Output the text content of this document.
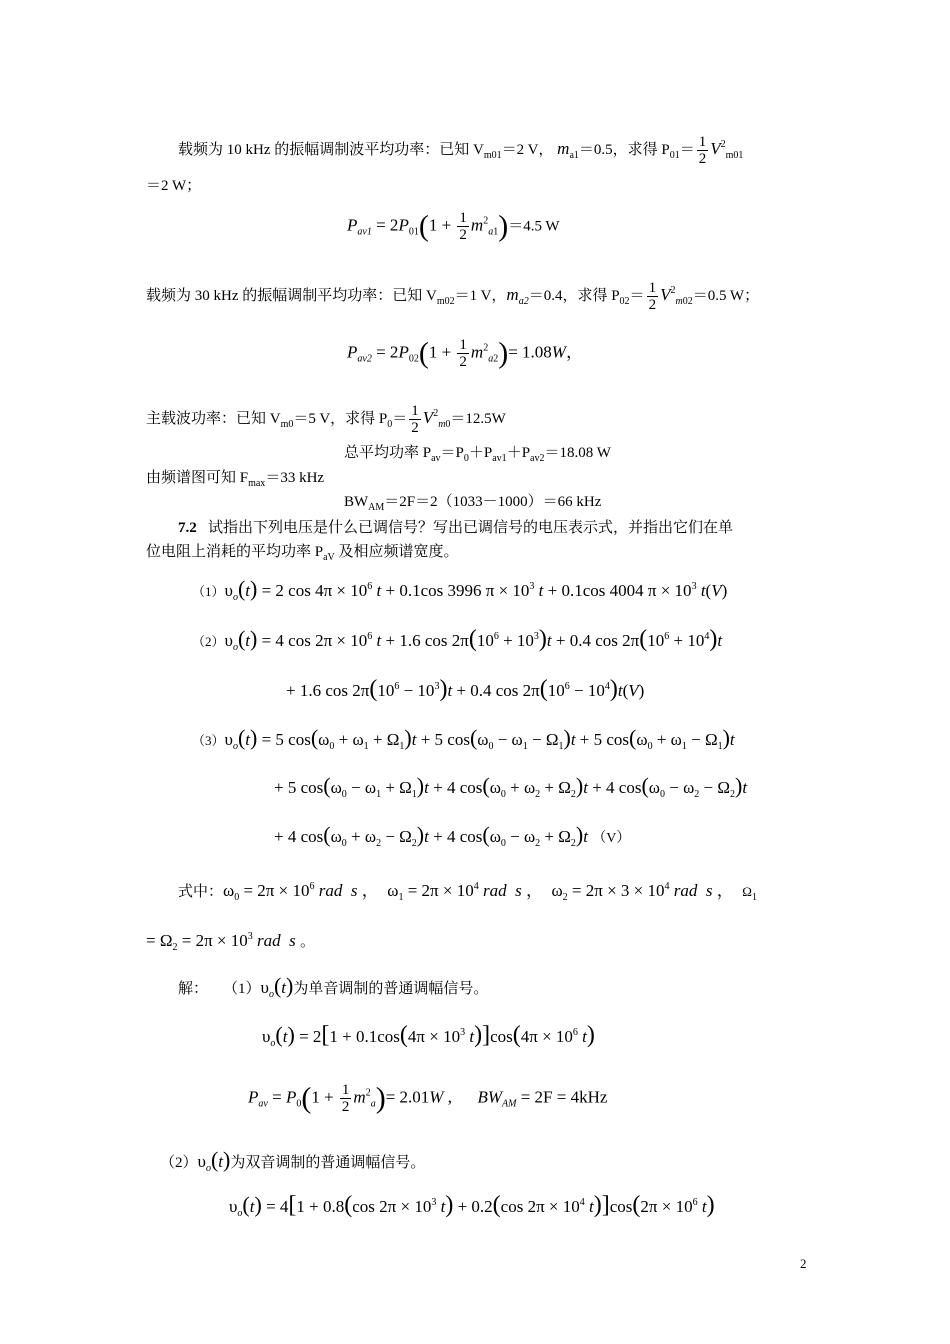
载频为 10 kHz 的振幅调制波平均功率：已知 $V_{m01}=2$ V， $m_{a1}=0.5$，求得 $P_{01}= \frac{1}{2} V^2_{m01}$
＝2 W；
$P_{av1} = 2P_{01}(1 + \frac{1}{2} m^2_{a1})=4.5$ W
载频为 30 kHz 的振幅调制平均功率：已知 $V_{m02}=1$ V，$m_{a2}=0.4$，求得 $P_{02}= \frac{1}{2} V^2_{m02}=0.5$ W；
$P_{av2} = 2P_{02}(1 + \frac{1}{2} m^2_{a2})= 1.08W$，
主载波功率：已知 $V_{m0}=5$ V，求得 $P_0= \frac{1}{2} V^2_{m0}=12.5W$
总平均功率 $P_{av}=P_0+P_{av1}+P_{av2}=18.08$ W
由频谱图可知 $F_{max}=33$ kHz
$BW_{AM}=2F=2(1033-1000)=66$ kHz
7.2 试指出下列电压是什么已调信号？写出已调信号的电压表示式，并指出它们在单
位电阻上消耗的平均功率 $P_{aV}$ 及相应频谱宽度。
$(1)\upsilon_o(t) = 2$ $\cos 4\pi \times 10^6$ t + 0.1cos 3996 $\pi \times 10^3$ t + 0.1cos 4004 $\pi \times 10^3$ t(V)
$(2)\upsilon_o(t) = 4$ $\cos 2\pi \times 10^6$ t + 1.6 $\cos 2\pi(10^6 + 10^3)t + 0.4$ $\cos 2\pi(10^6 + 10^4)t$
+ 1.6 $\cos 2\pi(10^6 - 10^3)t + 0.4$ $\cos 2\pi(10^6 - 10^4)t(V)$
$(3)\upsilon_o(t) = 5$ $\cos(\omega_0 + \omega_1 + \Omega_1)t + 5$ $\cos(\omega_0 - \omega_1 - \Omega_1)t + 5$ $\cos(\omega_0 + \omega_1 - \Omega_1)t$
+ 5 $\cos(\omega_0 - \omega_1 + \Omega_1)t + 4$ $\cos(\omega_0 + \omega_2 + \Omega_2)t + 4$ $\cos(\omega_0 - \omega_2 - \Omega_2)t$
+ 4 $\cos(\omega_0 + \omega_2 - \Omega_2)t + 4$ $\cos(\omega_0 - \omega_2 + \Omega_2)t$ （V）
式中：$\omega_0 = 2\pi \times 10^6$ rad s ，  $\omega_1 = 2\pi \times 10^4$ rad s ，  $\omega_2 = 2\pi \times 3 \times 10^4$ rad s ，  $\Omega_1$
= $\Omega_2 = 2\pi \times 10^3$ rad s 。
解： $(1)\upsilon_o(t)$为单音调制的普通调幅信号。
$\upsilon_o(t) = 2[1 + 0.1\cos(4\pi \times 10^3$ $t)]\cos(4\pi \times 10^6$ t)
$P_{av} = P_0(1 + \frac{1}{2} m^2_a)= 2.01W$ ,      $BW_{AM} = 2F = 4kHz$
$(2)\upsilon_o(t)$为双音调制的普通调幅信号。
$\upsilon_o(t) = 4[1 + 0.8(\cos$ $2\pi \times 10^3$ t) + 0.2(cos $2\pi \times 10^4$ $t)]\cos(2\pi \times 10^6$ t)
2
